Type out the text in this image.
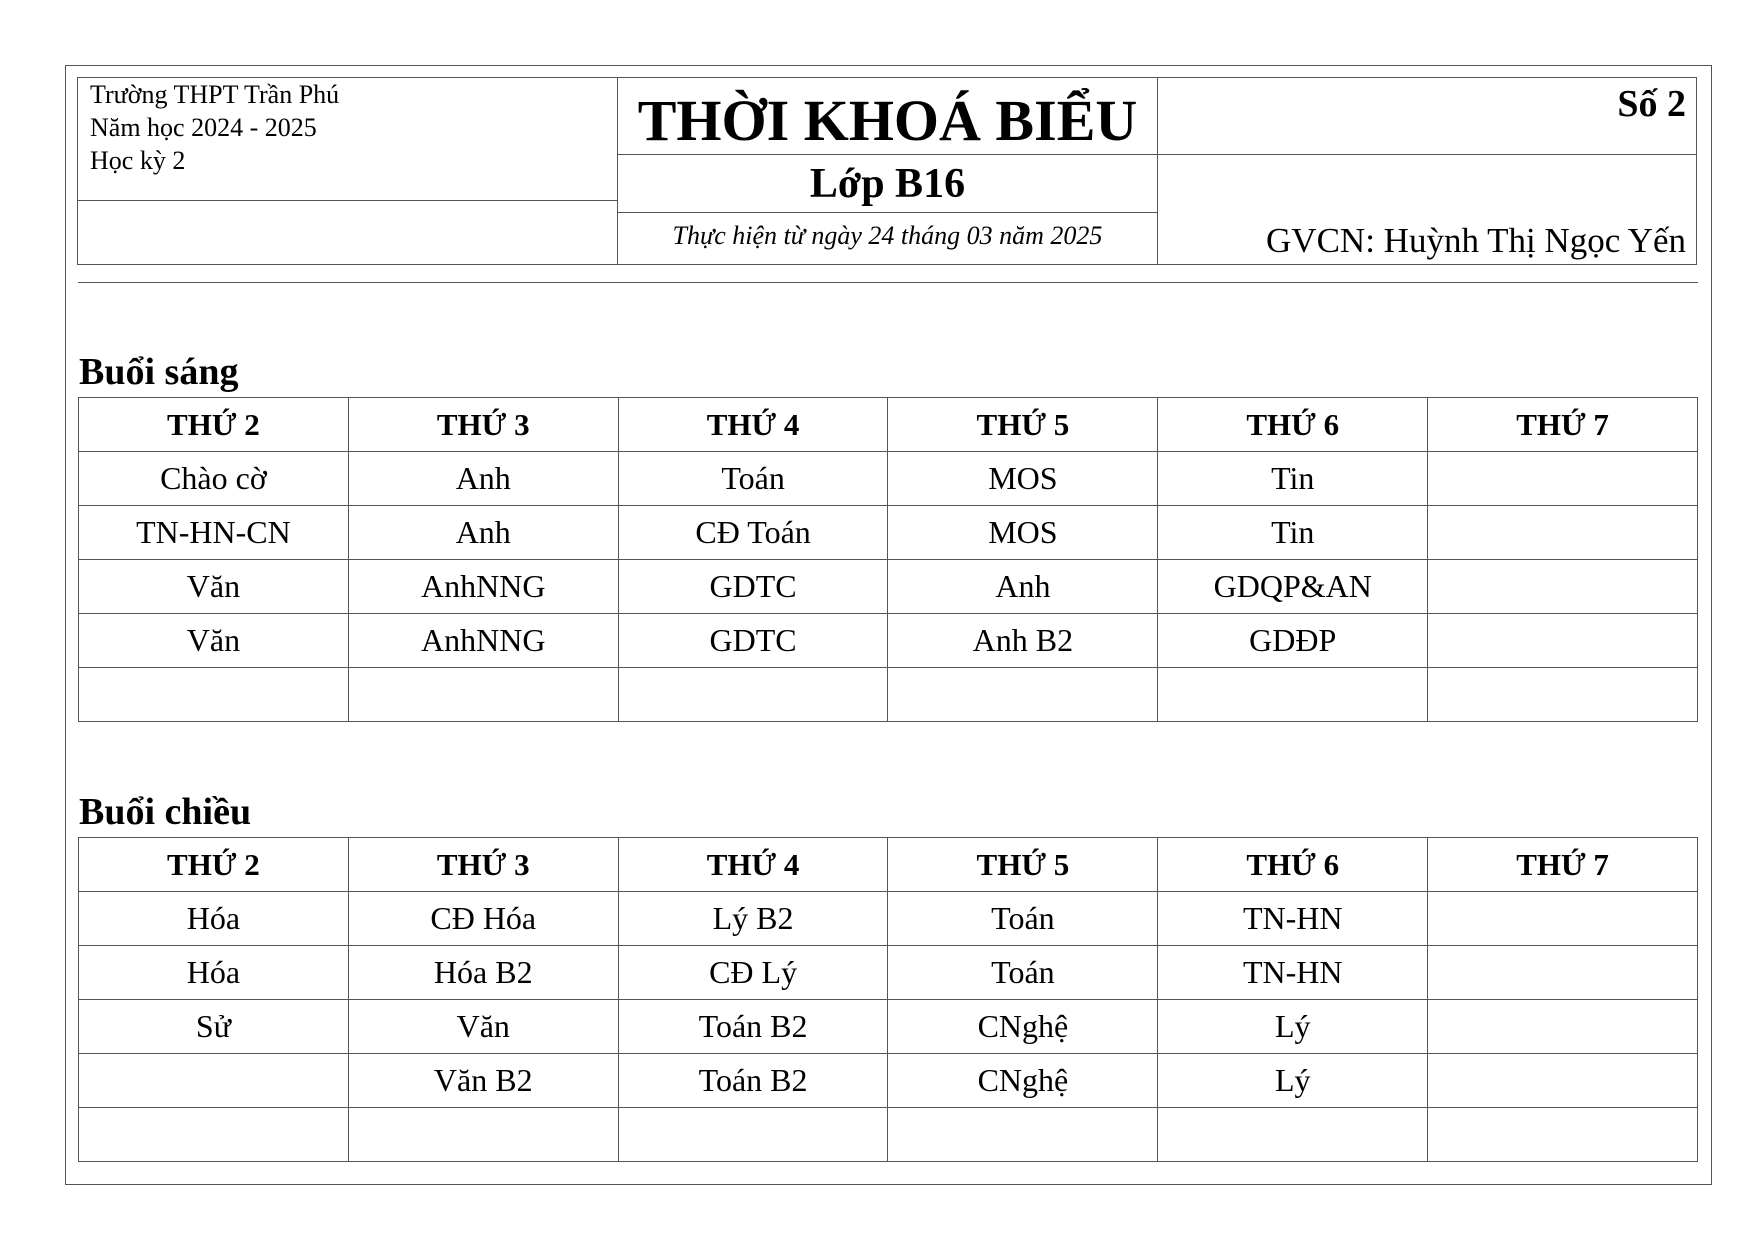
Trường THPT Trần Phú
Năm học 2024 - 2025
Học kỳ 2
THỜI KHOÁ BIỂU
Lớp B16
Thực hiện từ ngày 24 tháng 03 năm 2025
Số 2
GVCN: Huỳnh Thị Ngọc Yến
Buổi sáng
THỨ 2	THỨ 3	THỨ 4	THỨ 5	THỨ 6	THỨ 7
Chào cờ	Anh	Toán	MOS	Tin	
TN-HN-CN	Anh	CĐ Toán	MOS	Tin	
Văn	AnhNNG	GDTC	Anh	GDQP&AN	
Văn	AnhNNG	GDTC	Anh B2	GDĐP	

Buổi chiều
THỨ 2	THỨ 3	THỨ 4	THỨ 5	THỨ 6	THỨ 7
Hóa	CĐ Hóa	Lý B2	Toán	TN-HN	
Hóa	Hóa B2	CĐ Lý	Toán	TN-HN	
Sử	Văn	Toán B2	CNghệ	Lý	
	Văn B2	Toán B2	CNghệ	Lý	
